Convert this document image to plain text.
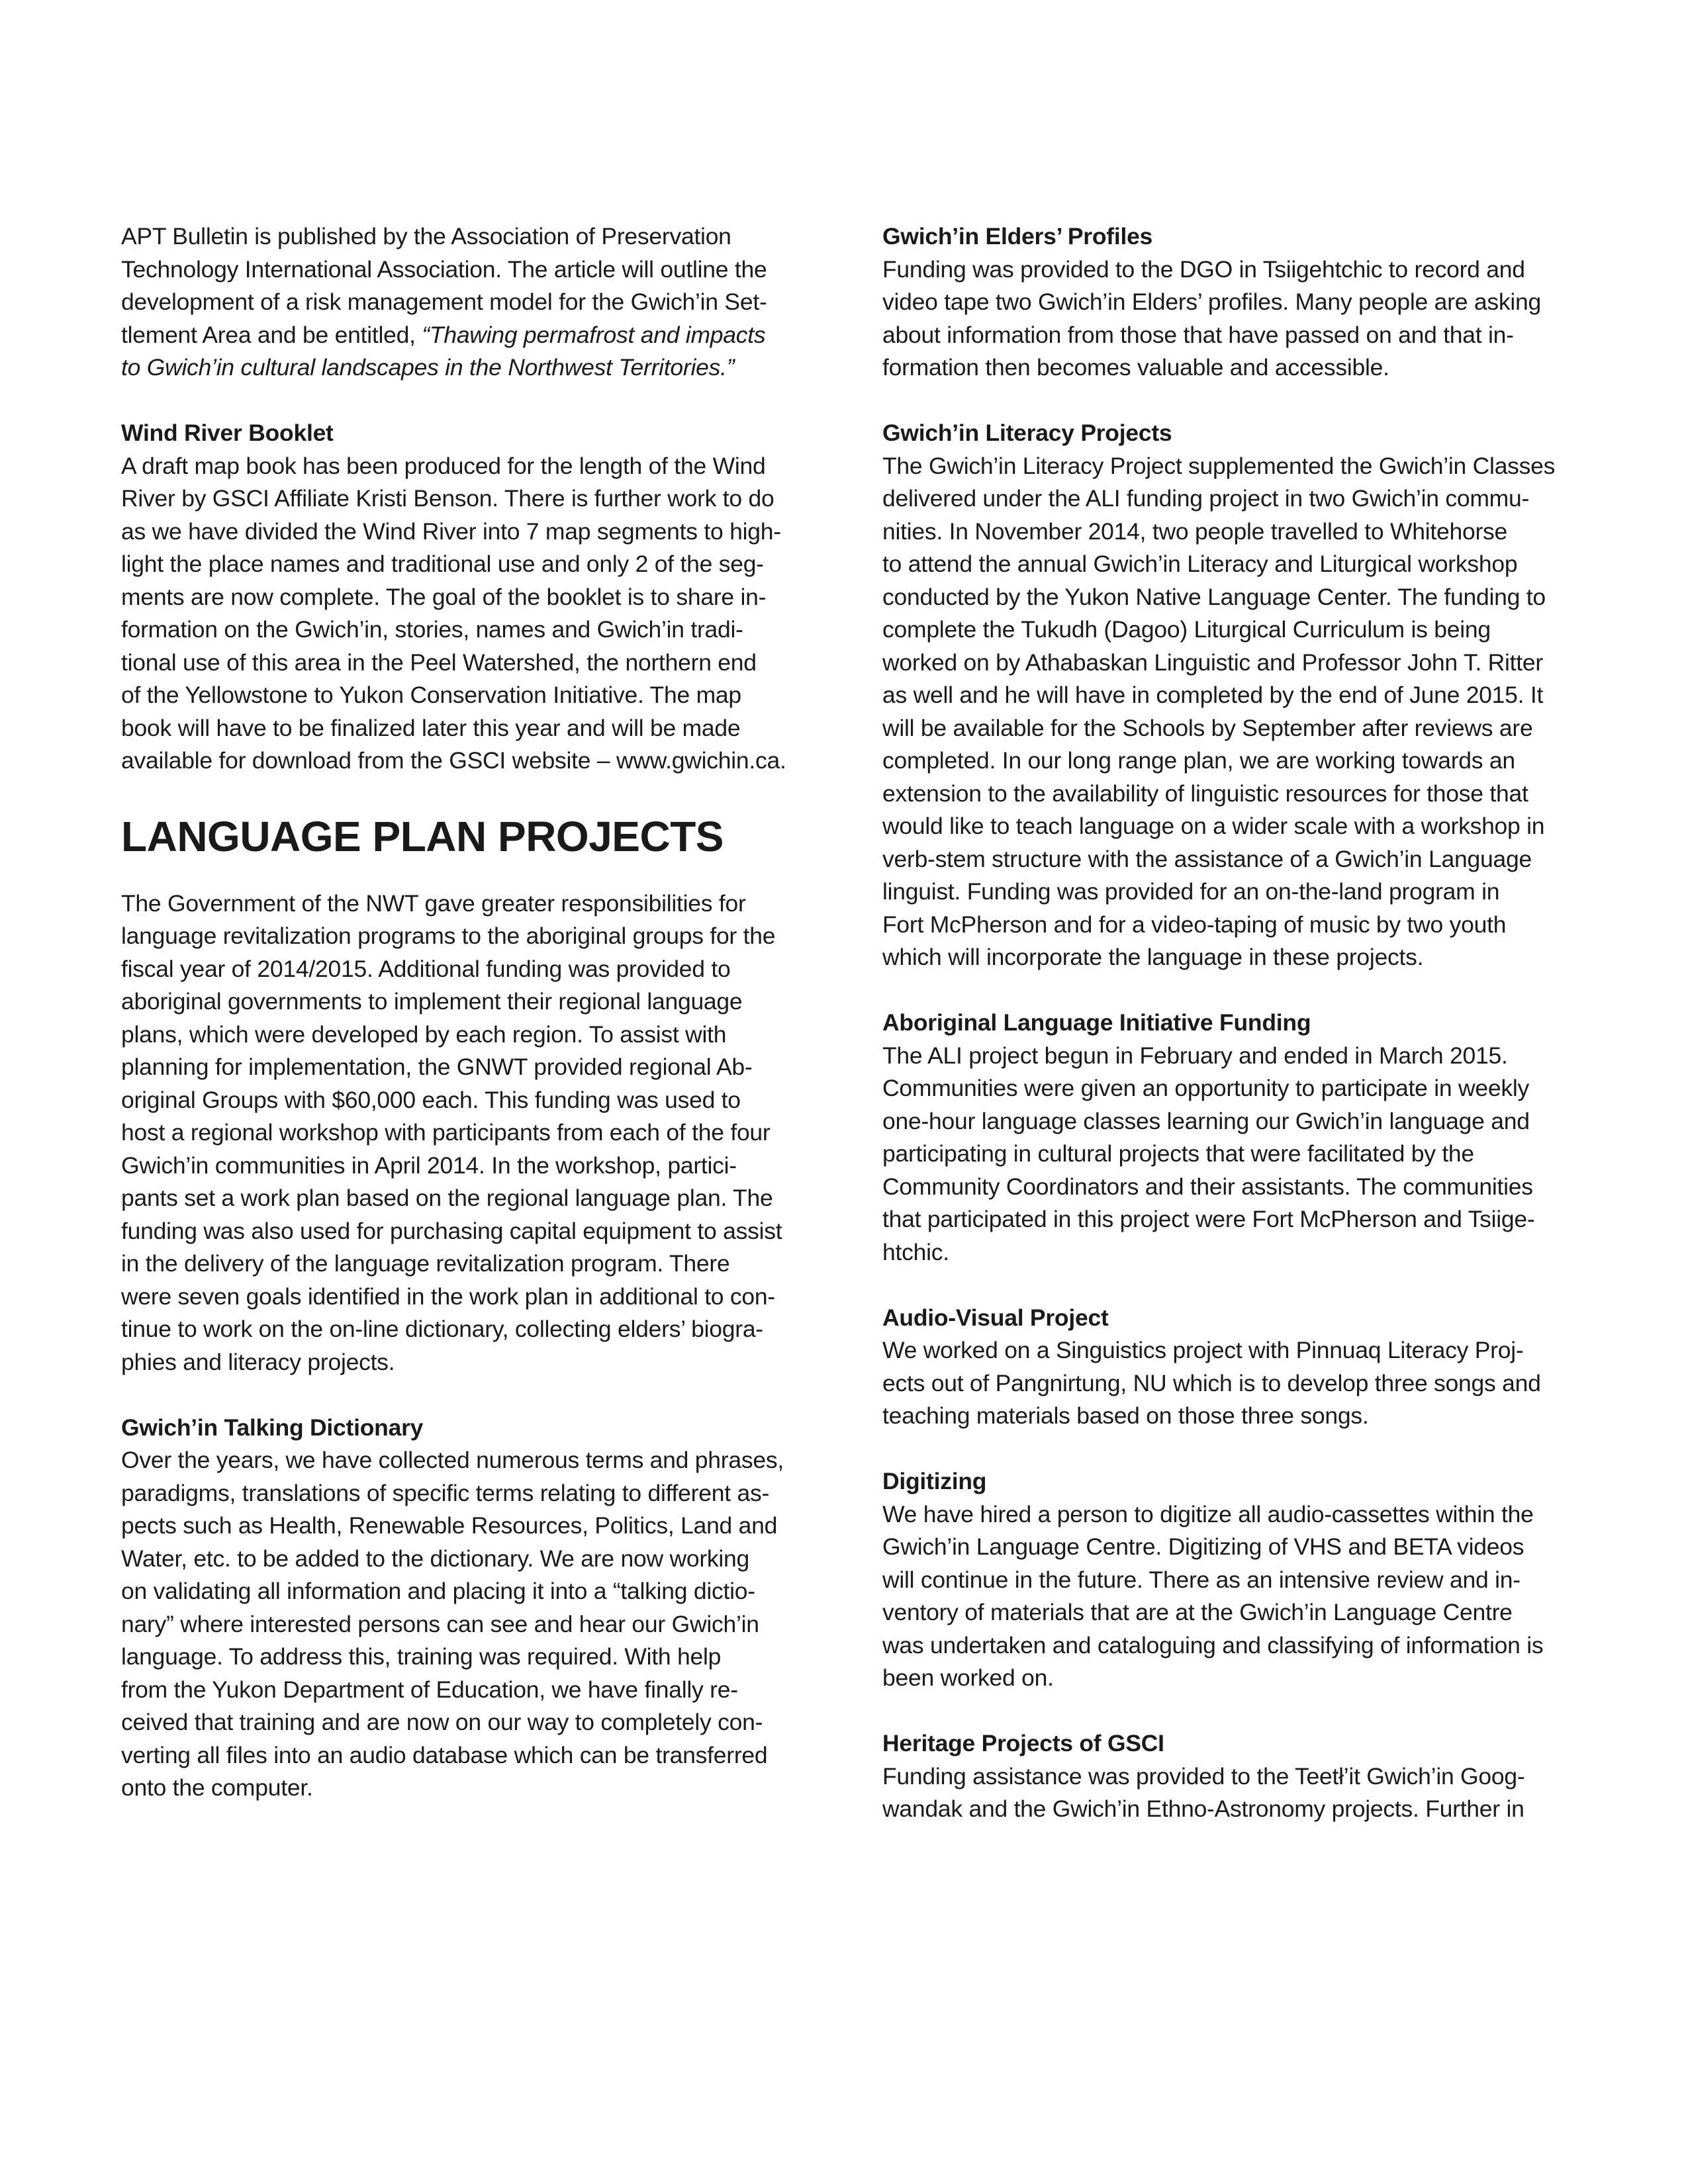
APT Bulletin is published by the Association of Preservation
Technology International Association. The article will outline the
development of a risk management model for the Gwich’in Set-
tlement Area and be entitled, “Thawing permafrost and impacts
to Gwich’in cultural landscapes in the Northwest Territories.”
Wind River Booklet
A draft map book has been produced for the length of the Wind
River by GSCI Affiliate Kristi Benson. There is further work to do
as we have divided the Wind River into 7 map segments to high-
light the place names and traditional use and only 2 of the seg-
ments are now complete. The goal of the booklet is to share in-
formation on the Gwich’in, stories, names and Gwich’in tradi-
tional use of this area in the Peel Watershed, the northern end
of the Yellowstone to Yukon Conservation Initiative. The map
book will have to be finalized later this year and will be made
available for download from the GSCI website – www.gwichin.ca.
LANGUAGE PLAN PROJECTS
The Government of the NWT gave greater responsibilities for
language revitalization programs to the aboriginal groups for the
fiscal year of 2014/2015. Additional funding was provided to
aboriginal governments to implement their regional language
plans, which were developed by each region. To assist with
planning for implementation, the GNWT provided regional Ab-
original Groups with $60,000 each. This funding was used to
host a regional workshop with participants from each of the four
Gwich’in communities in April 2014. In the workshop, partici-
pants set a work plan based on the regional language plan. The
funding was also used for purchasing capital equipment to assist
in the delivery of the language revitalization program. There
were seven goals identified in the work plan in additional to con-
tinue to work on the on-line dictionary, collecting elders’ biogra-
phies and literacy projects.
Gwich’in Talking Dictionary
Over the years, we have collected numerous terms and phrases,
paradigms, translations of specific terms relating to different as-
pects such as Health, Renewable Resources, Politics, Land and
Water, etc. to be added to the dictionary. We are now working
on validating all information and placing it into a “talking dictio-
nary” where interested persons can see and hear our Gwich’in
language. To address this, training was required. With help
from the Yukon Department of Education, we have finally re-
ceived that training and are now on our way to completely con-
verting all files into an audio database which can be transferred
onto the computer.
Gwich’in Elders’ Profiles
Funding was provided to the DGO in Tsiigehtchic to record and
video tape two Gwich’in Elders’ profiles. Many people are asking
about information from those that have passed on and that in-
formation then becomes valuable and accessible.
Gwich’in Literacy Projects
The Gwich’in Literacy Project supplemented the Gwich’in Classes
delivered under the ALI funding project in two Gwich’in commu-
nities. In November 2014, two people travelled to Whitehorse
to attend the annual Gwich’in Literacy and Liturgical workshop
conducted by the Yukon Native Language Center. The funding to
complete the Tukudh (Dagoo) Liturgical Curriculum is being
worked on by Athabaskan Linguistic and Professor John T. Ritter
as well and he will have in completed by the end of June 2015. It
will be available for the Schools by September after reviews are
completed. In our long range plan, we are working towards an
extension to the availability of linguistic resources for those that
would like to teach language on a wider scale with a workshop in
verb-stem structure with the assistance of a Gwich’in Language
linguist. Funding was provided for an on-the-land program in
Fort McPherson and for a video-taping of music by two youth
which will incorporate the language in these projects.
Aboriginal Language Initiative Funding
The ALI project begun in February and ended in March 2015.
Communities were given an opportunity to participate in weekly
one-hour language classes learning our Gwich’in language and
participating in cultural projects that were facilitated by the
Community Coordinators and their assistants. The communities
that participated in this project were Fort McPherson and Tsiige-
htchic.
Audio-Visual Project
We worked on a Singuistics project with Pinnuaq Literacy Proj-
ects out of Pangnirtung, NU which is to develop three songs and
teaching materials based on those three songs.
Digitizing
We have hired a person to digitize all audio-cassettes within the
Gwich’in Language Centre. Digitizing of VHS and BETA videos
will continue in the future. There as an intensive review and in-
ventory of materials that are at the Gwich’in Language Centre
was undertaken and cataloguing and classifying of information is
been worked on.
Heritage Projects of GSCI
Funding assistance was provided to the Teetł’it Gwich’in Goog-
wandak and the Gwich’in Ethno-Astronomy projects. Further in
